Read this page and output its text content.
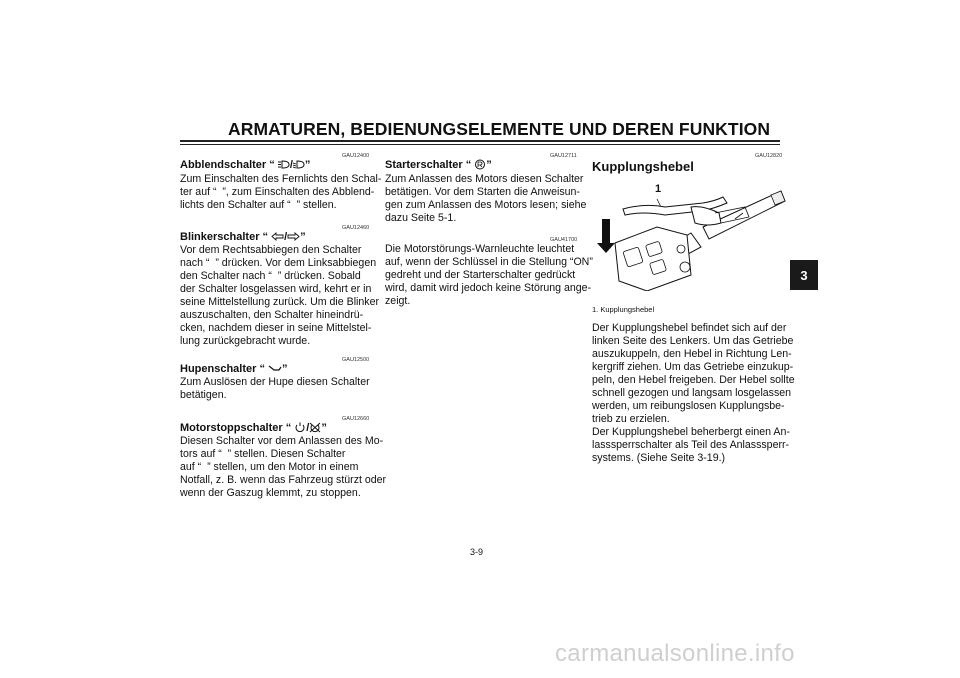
ARMATUREN, BEDIENUNGSELEMENTE UND DEREN FUNKTION
3
GAU12400
Abblendschalter “ / ”
Zum Einschalten des Fernlichts den Schal-
ter auf “  ”, zum Einschalten des Abblend-
lichts den Schalter auf “  ” stellen.
GAU12460
Blinkerschalter “ / ”
Vor dem Rechtsabbiegen den Schalter
nach “  ” drücken. Vor dem Linksabbiegen
den Schalter nach “  ” drücken. Sobald
der Schalter losgelassen wird, kehrt er in
seine Mittelstellung zurück. Um die Blinker
auszuschalten, den Schalter hineindrü-
cken, nachdem dieser in seine Mittelstel-
lung zurückgebracht wurde.
GAU12500
Hupenschalter “ ”
Zum Auslösen der Hupe diesen Schalter
betätigen.
GAU12660
Motorstoppschalter “ / ”
Diesen Schalter vor dem Anlassen des Mo-
tors auf “  ” stellen. Diesen Schalter
auf “  ” stellen, um den Motor in einem
Notfall, z. B. wenn das Fahrzeug stürzt oder
wenn der Gaszug klemmt, zu stoppen.
GAU12711
Starterschalter “ ”
Zum Anlassen des Motors diesen Schalter
betätigen. Vor dem Starten die Anweisun-
gen zum Anlassen des Motors lesen; siehe
dazu Seite 5-1.
GAU41700
Die Motorstörungs-Warnleuchte leuchtet
auf, wenn der Schlüssel in die Stellung “ON”
gedreht und der Starterschalter gedrückt
wird, damit wird jedoch keine Störung ange-
zeigt.
GAU12820
Kupplungshebel
1
1. Kupplungshebel
Der Kupplungshebel befindet sich auf der
linken Seite des Lenkers. Um das Getriebe
auszukuppeln, den Hebel in Richtung Len-
kergriff ziehen. Um das Getriebe einzukup-
peln, den Hebel freigeben. Der Hebel sollte
schnell gezogen und langsam losgelassen
werden, um reibungslosen Kupplungsbe-
trieb zu erzielen.
Der Kupplungshebel beherbergt einen An-
lasssperrschalter als Teil des Anlasssperr-
systems. (Siehe Seite 3-19.)
3-9
carmanualsonline.info
